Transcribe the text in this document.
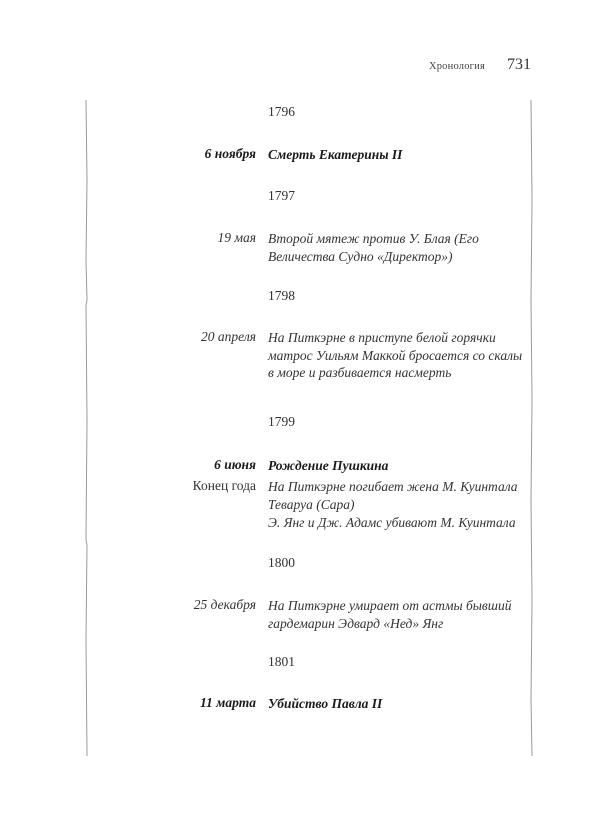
Хронология 731
1796
6 ноября Смерть Екатерины II
1797
19 мая Второй мятеж против У. Блая (Его Величества Судно «Директор»)
1798
20 апреля На Питкэрне в приступе белой горячки матрос Уильям Маккой бросается со скалы в море и разбивается насмерть
1799
6 июня Рождение Пушкина
Конец года На Питкэрне погибает жена М. Куинтала Теваруа (Сара)
Э. Янг и Дж. Адамс убивают М. Куинтала
1800
25 декабря На Питкэрне умирает от астмы бывший гардемарин Эдвард «Нед» Янг
1801
11 марта Убийство Павла II
